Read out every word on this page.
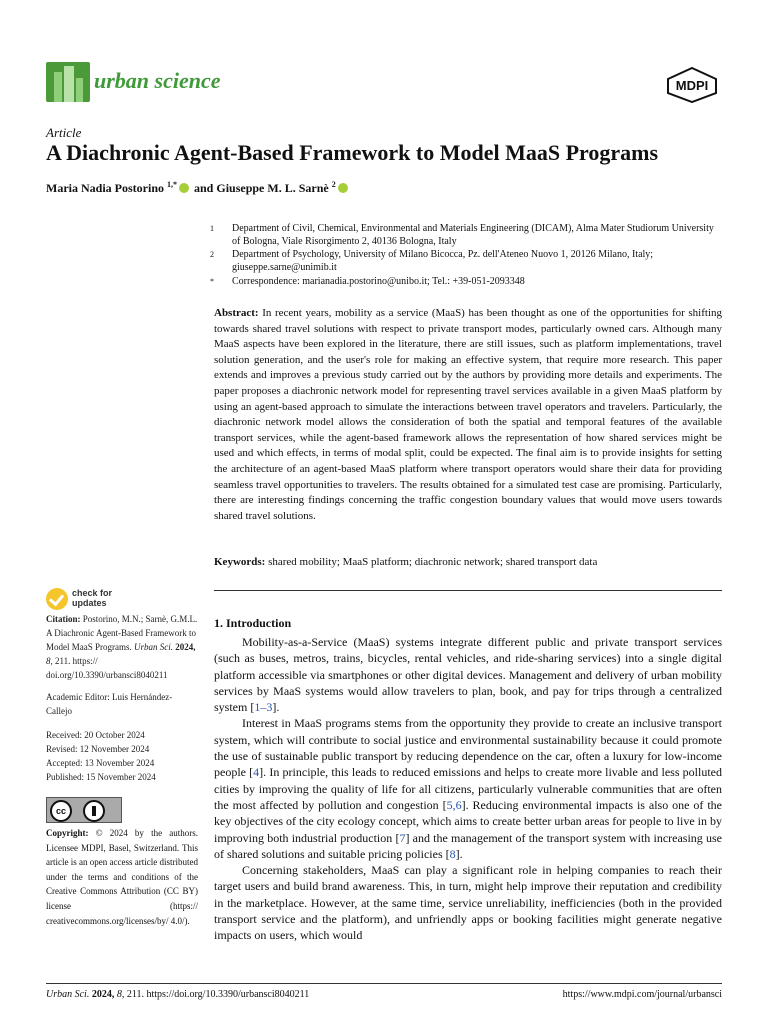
urban science	MDPI
Article
A Diachronic Agent-Based Framework to Model MaaS Programs
Maria Nadia Postorino $^{1,*}$ and Giuseppe M. L. Sarnè $^2$
1 Department of Civil, Chemical, Environmental and Materials Engineering (DICAM), Alma Mater Studiorum University of Bologna, Viale Risorgimento 2, 40136 Bologna, Italy
2 Department of Psychology, University of Milano Bicocca, Pz. dell'Ateneo Nuovo 1, 20126 Milano, Italy; giuseppe.sarne@unimib.it
* Correspondence: marianadia.postorino@unibo.it; Tel.: +39-051-2093348
Abstract: In recent years, mobility as a service (MaaS) has been thought as one of the opportunities for shifting towards shared travel solutions with respect to private transport modes, particularly owned cars. Although many MaaS aspects have been explored in the literature, there are still issues, such as platform implementations, travel solution generation, and the user's role for making an effective system, that require more research. This paper extends and improves a previous study carried out by the authors by providing more details and experiments. The paper proposes a diachronic network model for representing travel services available in a given MaaS platform by using an agent-based approach to simulate the interactions between travel operators and travelers. Particularly, the diachronic network model allows the consideration of both the spatial and temporal features of the available transport services, while the agent-based framework allows the representation of how shared services might be used and which effects, in terms of modal split, could be expected. The final aim is to provide insights for setting the architecture of an agent-based MaaS platform where transport operators would share their data for providing seamless travel opportunities to travelers. The results obtained for a simulated test case are promising. Particularly, there are interesting findings concerning the traffic congestion boundary values that would move users towards shared travel solutions.
Keywords: shared mobility; MaaS platform; diachronic network; shared transport data
check for
updates
Citation: Postorino, M.N.; Sarnè, G.M.L. A Diachronic Agent-Based Framework to Model MaaS Programs. Urban Sci. 2024, 8, 211. https:// doi.org/10.3390/urbansci8040211
Academic Editor: Luis Hernández-Callejo
Received: 20 October 2024
Revised: 12 November 2024
Accepted: 13 November 2024
Published: 15 November 2024
cc
Copyright: © 2024 by the authors. Licensee MDPI, Basel, Switzerland. This article is an open access article distributed under the terms and conditions of the Creative Commons Attribution (CC BY) license (https:// creativecommons.org/licenses/by/ 4.0/).
1. Introduction

Mobility-as-a-Service (MaaS) systems integrate different public and private transport services (such as buses, metros, trains, bicycles, rental vehicles, and ride-sharing services) into a single digital platform accessible via smartphones or other digital devices. Management and delivery of urban mobility services by MaaS systems would allow travelers to plan, book, and pay for trips through a centralized system [1–3].

Interest in MaaS programs stems from the opportunity they provide to create an inclusive transport system, which will contribute to social justice and environmental sustainability because it could promote the use of sustainable public transport by reducing dependence on the car, often a luxury for low-income people [4]. In principle, this leads to reduced emissions and helps to create more livable and less polluted cities by improving the quality of life for all citizens, particularly vulnerable communities that are often the most affected by pollution and congestion [5,6]. Reducing environmental impacts is also one of the key objectives of the city ecology concept, which aims to create better urban areas for people to live in by improving both industrial production [7] and the management of the transport system with increasing use of shared solutions and suitable pricing policies [8].

Concerning stakeholders, MaaS can play a significant role in helping companies to reach their target users and build brand awareness. This, in turn, might help improve their reputation and credibility in the marketplace. However, at the same time, service unreliability, inefficiencies (both in the provided transport service and the platform), and unfriendly apps or booking facilities might generate negative impacts on users, which would

Urban Sci. 2024, 8, 211. https://doi.org/10.3390/urbansci8040211	https://www.mdpi.com/journal/urbansci
